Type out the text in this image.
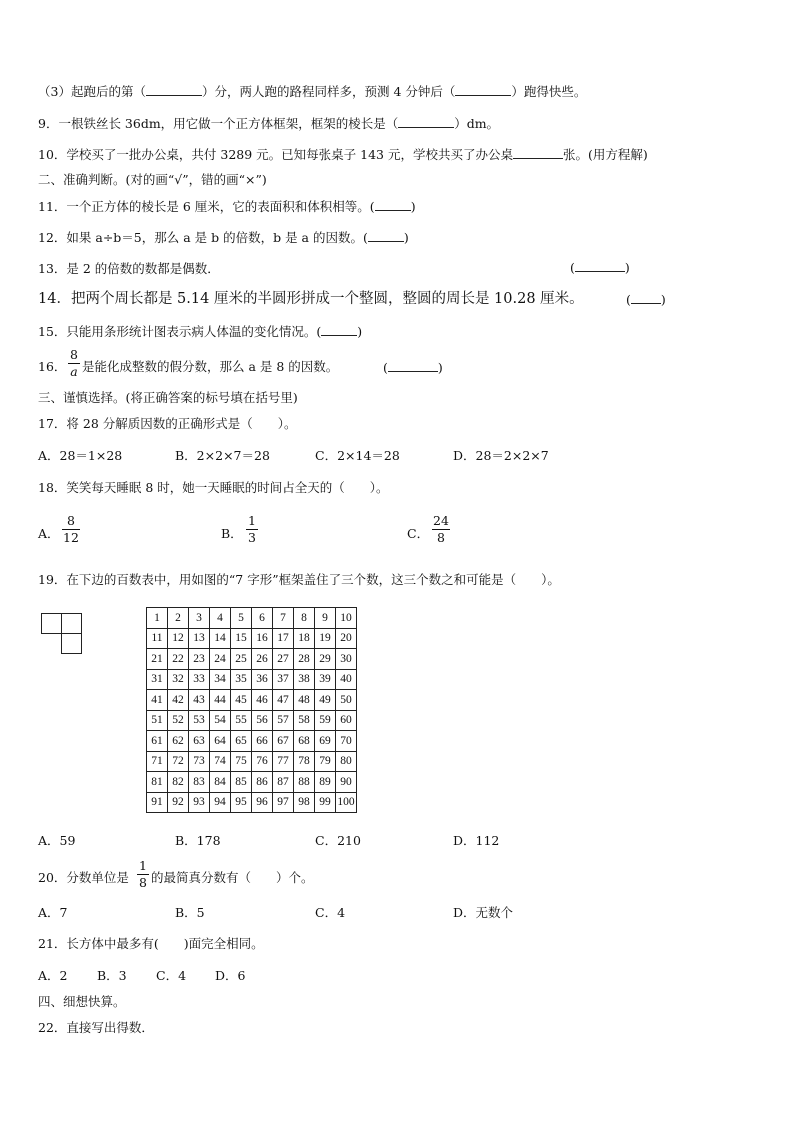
（3）起跑后的第（	）分，两人跑的路程同样多，预测 4 分钟后（	）跑得快些。
9．一根铁丝长 36dm，用它做一个正方体框架，框架的棱长是（	）dm。
10．学校买了一批办公桌，共付 3289 元。已知每张桌子 143 元，学校共买了办公桌	张。(用方程解)
二、准确判断。(对的画“√”，错的画“×”)
11．一个正方体的棱长是 6 厘米，它的表面积和体积相等。(	)
12．如果 a÷b＝5，那么 a 是 b 的倍数，b 是 a 的因数。(	)
13．是 2 的倍数的数都是偶数．	(	)
14．把两个周长都是 5.14 厘米的半圆形拼成一个整圆，整圆的周长是 10.28 厘米。	( )
15．只能用条形统计图表示病人体温的变化情况。(	)
16．
8
a 是能化成整数的假分数，那么 a 是 8 的因数。	(	)
三、谨慎选择。(将正确答案的标号填在括号里)
17．将 28 分解质因数的正确形式是（　　）。
A．28＝1×28	B．2×2×7＝28	C．2×14＝28	D．28＝2×2×7
18．笑笑每天睡眠 8 时，她一天睡眠的时间占全天的（　　）。
A．
8
12	B．
1
3	C．
24
8
19．在下边的百数表中，用如图的“7 字形”框架盖住了三个数，这三个数之和可能是（　　）。
1	2	3	4	5	6	7	8	9	10
11	12	13	14	15	16	17	18	19	20
21	22	23	24	25	26	27	28	29	30
31	32	33	34	35	36	37	38	39	40
41	42	43	44	45	46	47	48	49	50
51	52	53	54	55	56	57	58	59	60
61	62	63	64	65	66	67	68	69	70
71	72	73	74	75	76	77	78	79	80
81	82	83	84	85	86	87	88	89	90
91	92	93	94	95	96	97	98	99	100
A．59	B．178	C．210	D．112
20．分数单位是
1
8 的最简真分数有（　　）个。
A．7	B．5	C．4	D．无数个
21．长方体中最多有(　　)面完全相同。
A．2 B．3 C．4 D．6
四、细想快算。
22．直接写出得数．
